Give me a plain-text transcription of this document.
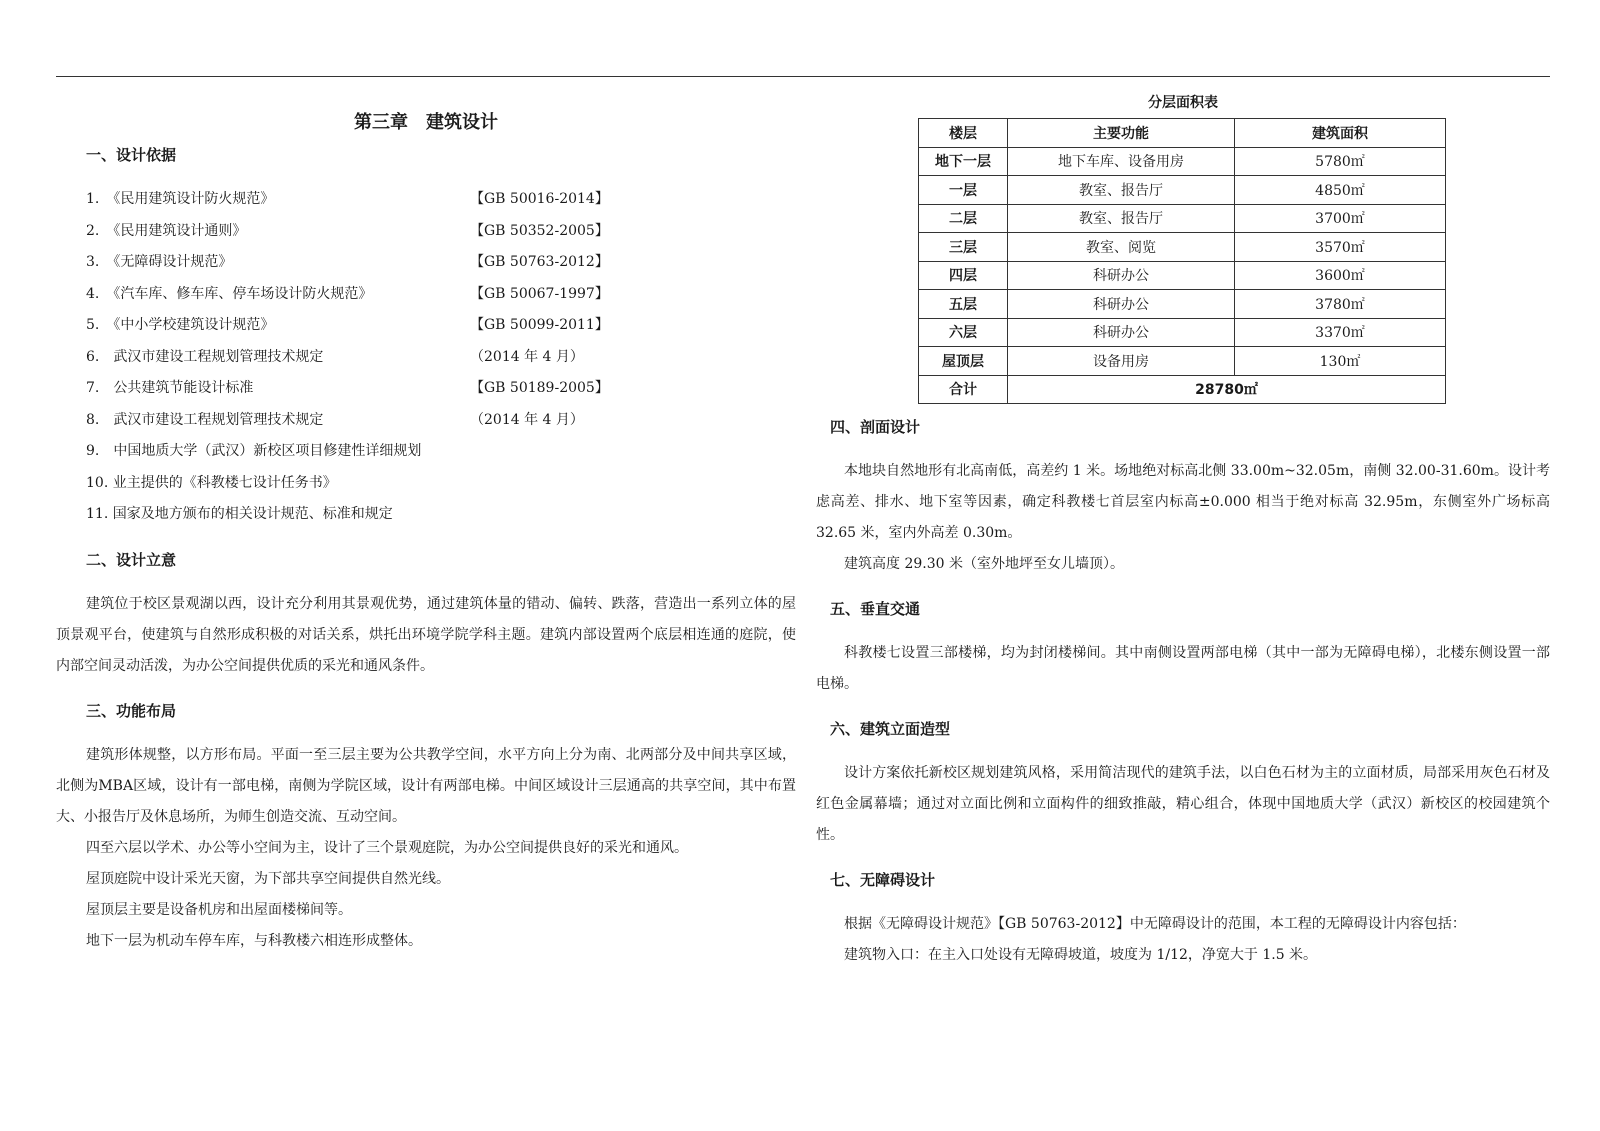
第三章　建筑设计
一、设计依据
1.　《民用建筑设计防火规范》	【GB 50016-2014】
2.　《民用建筑设计通则》	【GB 50352-2005】
3.　《无障碍设计规范》	【GB 50763-2012】
4.　《汽车库、修车库、停车场设计防火规范》	【GB 50067-1997】
5.　《中小学校建筑设计规范》	【GB 50099-2011】
6.　武汉市建设工程规划管理技术规定	（2014 年 4 月）
7.　公共建筑节能设计标准	【GB 50189-2005】
8.　武汉市建设工程规划管理技术规定	（2014 年 4 月）
9.　中国地质大学（武汉）新校区项目修建性详细规划
10. 业主提供的《科教楼七设计任务书》
11. 国家及地方颁布的相关设计规范、标准和规定
二、设计立意

建筑位于校区景观湖以西，设计充分利用其景观优势，通过建筑体量的错动、偏转、跌落，营造出一系列立体的屋顶景观平台，使建筑与自然形成积极的对话关系，烘托出环境学院学科主题。建筑内部设置两个底层相连通的庭院，使内部空间灵动活泼，为办公空间提供优质的采光和通风条件。

三、功能布局

建筑形体规整，以方形布局。平面一至三层主要为公共教学空间，水平方向上分为南、北两部分及中间共享区域，北侧为MBA区域，设计有一部电梯，南侧为学院区域，设计有两部电梯。中间区域设计三层通高的共享空间，其中布置大、小报告厅及休息场所，为师生创造交流、互动空间。

四至六层以学术、办公等小空间为主，设计了三个景观庭院，为办公空间提供良好的采光和通风。

屋顶庭院中设计采光天窗，为下部共享空间提供自然光线。

屋顶层主要是设备机房和出屋面楼梯间等。

地下一层为机动车停车库，与科教楼六相连形成整体。

分层面积表
楼层	主要功能	建筑面积
地下一层	地下车库、设备用房	5780㎡
一层	教室、报告厅	4850㎡
二层	教室、报告厅	3700㎡
三层	教室、阅览	3570㎡
四层	科研办公	3600㎡
五层	科研办公	3780㎡
六层	科研办公	3370㎡
屋顶层	设备用房	130㎡
合计	28780㎡	
四、剖面设计

本地块自然地形有北高南低，高差约 1 米。场地绝对标高北侧 33.00m~32.05m，南侧 32.00-31.60m。设计考虑高差、排水、地下室等因素，确定科教楼七首层室内标高±0.000 相当于绝对标高 32.95m，东侧室外广场标高 32.65 米，室内外高差 0.30m。

建筑高度 29.30 米（室外地坪至女儿墙顶）。

五、垂直交通

科教楼七设置三部楼梯，均为封闭楼梯间。其中南侧设置两部电梯（其中一部为无障碍电梯），北楼东侧设置一部电梯。

六、建筑立面造型

设计方案依托新校区规划建筑风格，采用简洁现代的建筑手法，以白色石材为主的立面材质，局部采用灰色石材及红色金属幕墙；通过对立面比例和立面构件的细致推敲，精心组合，体现中国地质大学（武汉）新校区的校园建筑个性。

七、无障碍设计

根据《无障碍设计规范》【GB 50763-2012】中无障碍设计的范围，本工程的无障碍设计内容包括：

建筑物入口：在主入口处设有无障碍坡道，坡度为 1/12，净宽大于 1.5 米。
